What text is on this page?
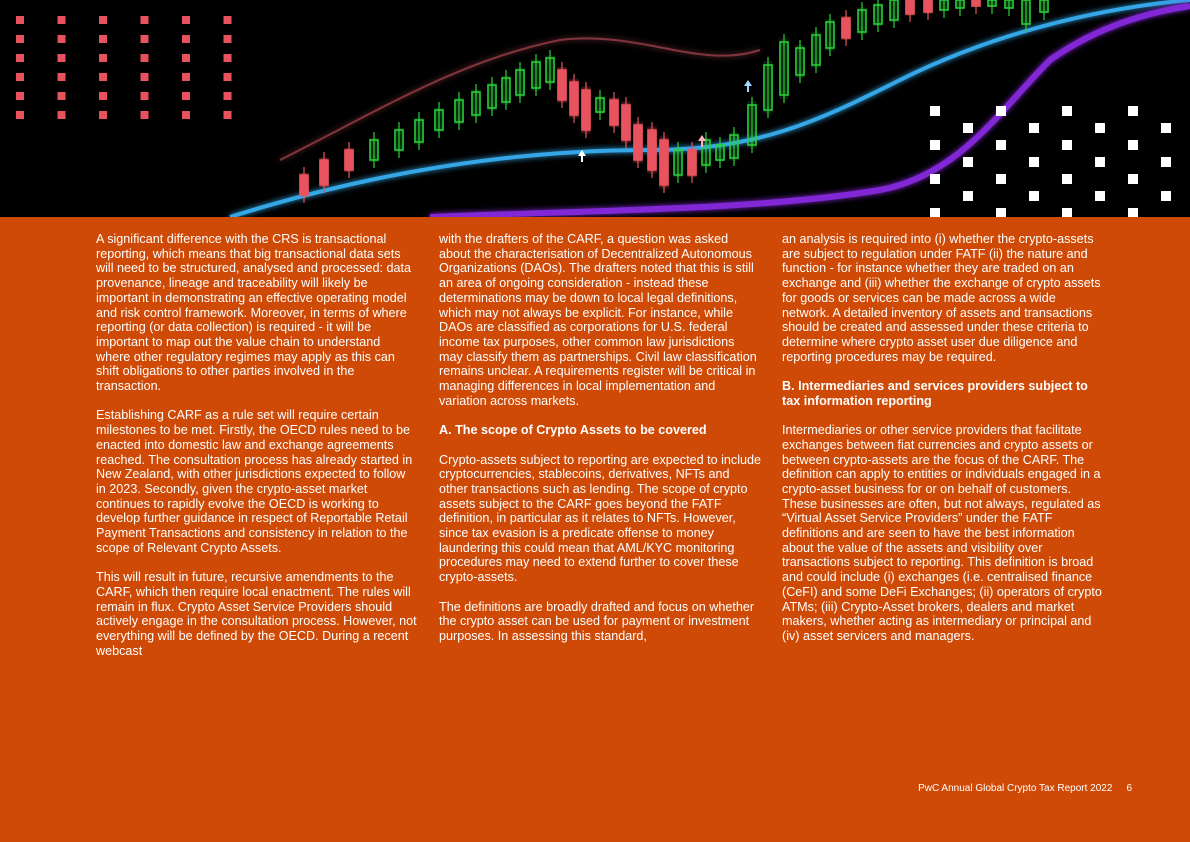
A significant difference with the CRS is transactional reporting, which means that big transactional data sets will need to be structured, analysed and processed: data provenance, lineage and traceability will likely be important in demonstrating an effective operating model and risk control framework. Moreover, in terms of where reporting (or data collection) is required - it will be important to map out the value chain to understand where other regulatory regimes may apply as this can shift obligations to other parties involved in the transaction.

Establishing CARF as a rule set will require certain milestones to be met. Firstly, the OECD rules need to be enacted into domestic law and exchange agreements reached. The consultation process has already started in New Zealand, with other jurisdictions expected to follow in 2023. Secondly, given the crypto-asset market continues to rapidly evolve the OECD is working to develop further guidance in respect of Reportable Retail Payment Transactions and consistency in relation to the scope of Relevant Crypto Assets.

This will result in future, recursive amendments to the CARF, which then require local enactment. The rules will remain in flux. Crypto Asset Service Providers should actively engage in the consultation process. However, not everything will be defined by the OECD. During a recent webcast

with the drafters of the CARF, a question was asked about the characterisation of Decentralized Autonomous Organizations (DAOs). The drafters noted that this is still an area of ongoing consideration - instead these determinations may be down to local legal definitions, which may not always be explicit. For instance, while DAOs are classified as corporations for U.S. federal income tax purposes, other common law jurisdictions may classify them as partnerships. Civil law classification remains unclear. A requirements register will be critical in managing differences in local implementation and variation across markets.

A. The scope of Crypto Assets to be covered

Crypto-assets subject to reporting are expected to include cryptocurrencies, stablecoins, derivatives, NFTs and other transactions such as lending. The scope of crypto assets subject to the CARF goes beyond the FATF definition, in particular as it relates to NFTs. However, since tax evasion is a predicate offense to money laundering this could mean that AML/KYC monitoring procedures may need to extend further to cover these crypto-assets.

The definitions are broadly drafted and focus on whether the crypto asset can be used for payment or investment purposes. In assessing this standard,

an analysis is required into (i) whether the crypto-assets are subject to regulation under FATF (ii) the nature and function - for instance whether they are traded on an exchange and (iii) whether the exchange of crypto assets for goods or services can be made across a wide network. A detailed inventory of assets and transactions should be created and assessed under these criteria to determine where crypto asset user due diligence and reporting procedures may be required.

B. Intermediaries and services providers subject to tax information reporting

Intermediaries or other service providers that facilitate exchanges between fiat currencies and crypto assets or between crypto-assets are the focus of the CARF. The definition can apply to entities or individuals engaged in a crypto-asset business for or on behalf of customers. These businesses are often, but not always, regulated as “Virtual Asset Service Providers” under the FATF definitions and are seen to have the best information about the value of the assets and visibility over transactions subject to reporting. This definition is broad and could include (i) exchanges (i.e. centralised finance (CeFI) and some DeFi Exchanges; (ii) operators of crypto ATMs; (iii) Crypto-Asset brokers, dealers and market makers, whether acting as intermediary or principal and (iv) asset servicers and managers.

PwC Annual Global Crypto Tax Report 2022 6
